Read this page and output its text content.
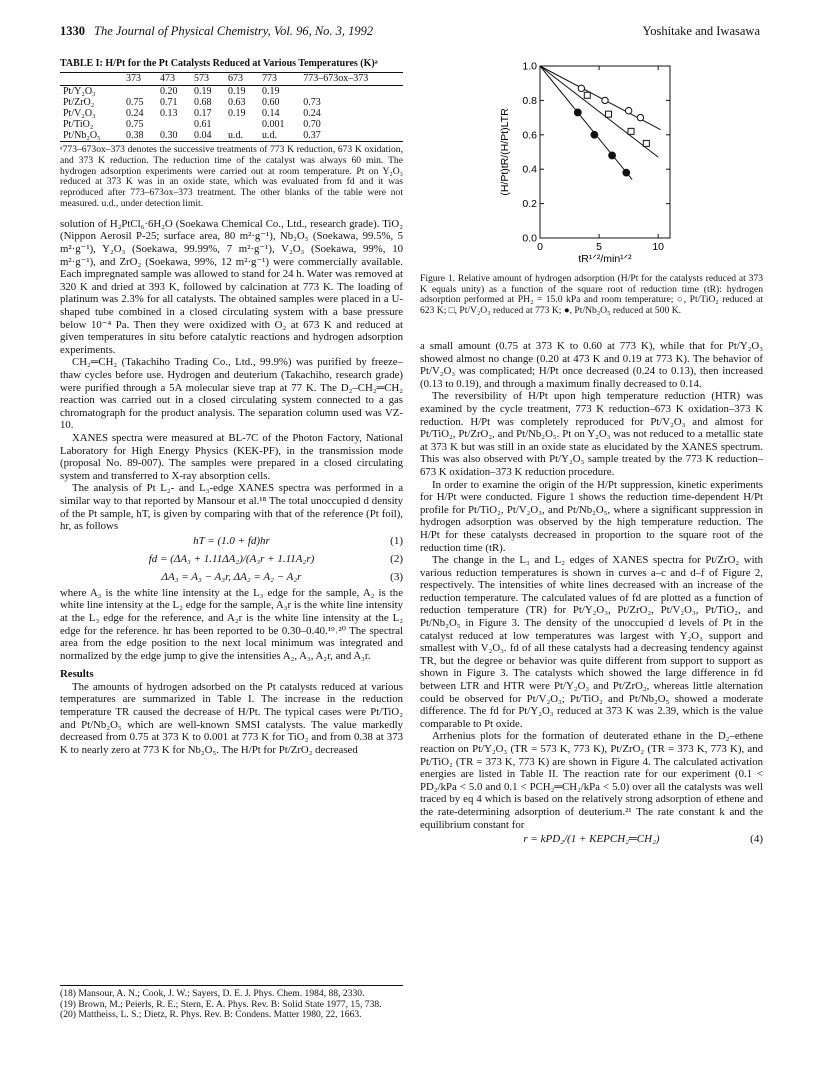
1330 The Journal of Physical Chemistry, Vol. 96, No. 3, 1992	Yoshitake and Iwasawa
TABLE I: H/Pt for the Pt Catalysts Reduced at Various Temperatures (K)ᵃ
	373	473	573	673	773	773–673ox–373
Pt/Y₂O₃		0.20	0.19	0.19	0.19	
Pt/ZrO₂	0.75	0.71	0.68	0.63	0.60	0.73
Pt/V₂O₃	0.24	0.13	0.17	0.19	0.14	0.24
Pt/TiO₂	0.75		0.61		0.001	0.70
Pt/Nb₂O₅	0.38	0.30	0.04	u.d.	u.d.	0.37
ᵃ773–673ox–373 denotes the successive treatments of 773 K reduction, 673 K oxidation, and 373 K reduction. The reduction time of the catalyst was always 60 min. The hydrogen adsorption experiments were carried out at room temperature. Pt on Y₂O₃ reduced at 373 K was in an oxide state, which was evaluated from fd and it was reproduced after 773–673ox–373 treatment. The other blanks of the table were not measured. u.d., under detection limit.

solution of H₂PtCl₆·6H₂O (Soekawa Chemical Co., Ltd., research grade). TiO₂ (Nippon Aerosil P-25; surface area, 80 m²·g⁻¹), Nb₂O₅ (Soekawa, 99.5%, 5 m²·g⁻¹), Y₂O₃ (Soekawa, 99.99%, 7 m²·g⁻¹), V₂O₃ (Soekawa, 99%, 10 m²·g⁻¹), and ZrO₂ (Soekawa, 99%, 12 m²·g⁻¹) were commercially available. Each impregnated sample was allowed to stand for 24 h. Water was removed at 320 K and dried at 393 K, followed by calcination at 773 K. The loading of platinum was 2.3% for all catalysts. The obtained samples were placed in a U-shaped tube combined in a closed circulating system with a base pressure below 10⁻⁴ Pa. Then they were oxidized with O₂ at 673 K and reduced at given temperatures in situ before catalytic reactions and hydrogen adsorption experiments.

CH₂═CH₂ (Takachiho Trading Co., Ltd., 99.9%) was purified by freeze–thaw cycles before use. Hydrogen and deuterium (Takachiho, research grade) were purified through a 5A molecular sieve trap at 77 K. The D₂–CH₂═CH₂ reaction was carried out in a closed circulating system connected to a gas chromatograph for the product analysis. The separation column used was VZ-10.

XANES spectra were measured at BL-7C of the Photon Factory, National Laboratory for High Energy Physics (KEK-PF), in the transmission mode (proposal No. 89-007). The samples were prepared in a closed circulating system and transferred to X-ray absorption cells.

The analysis of Pt L₂- and L₃-edge XANES spectra was performed in a similar way to that reported by Mansour et al.¹⁸ The total unoccupied d density of the Pt sample, hT, is given by comparing with that of the reference (Pt foil), hr, as follows

hT = (1.0 + fd)hr	(1)
fd = (ΔA₃ + 1.11ΔA₂)/(A₃r + 1.11A₂r)	(2)
ΔA₃ = A₃ − A₃r, ΔA₂ = A₂ − A₂r	(3)

where A₃ is the white line intensity at the L₃ edge for the sample, A₂ is the white line intensity at the L₂ edge for the sample, A₃r is the white line intensity at the L₃ edge for the reference, and A₂r is the white line intensity at the L₂ edge for the reference. hr has been reported to be 0.30–0.40.¹⁹˒²⁰ The spectral area from the edge position to the next local minimum was integrated and normalized by the edge jump to give the intensities A₂, A₃, A₂r, and A₃r.

Results

The amounts of hydrogen adsorbed on the Pt catalysts reduced at various temperatures are summarized in Table I. The increase in the reduction temperature TR caused the decrease of H/Pt. The typical cases were Pt/TiO₂ and Pt/Nb₂O₅ which are well-known SMSI catalysts. The value markedly decreased from 0.75 at 373 K to 0.001 at 773 K for TiO₂ and from 0.38 at 373 K to nearly zero at 773 K for Nb₂O₅. The H/Pt for Pt/ZrO₂ decreased

(18) Mansour, A. N.; Cook, J. W.; Sayers, D. E. J. Phys. Chem. 1984, 88, 2330.
(19) Brown, M.; Peierls, R. E.; Stern, E. A. Phys. Rev. B: Solid State 1977, 15, 738.
(20) Mattheiss, L. S.; Dietz, R. Phys. Rev. B: Condens. Matter 1980, 22, 1663.
0.0
0.2
0.4
0.6
0.8
1.0
0	5	10
tR¹ᐟ²/min¹ᐟ²
(H/Pt)tR/(H/Pt)LTR
Figure 1. Relative amount of hydrogen adsorption (H/Pt for the catalysts reduced at 373 K equals unity) as a function of the square root of reduction time (tR): hydrogen adsorption performed at PH₂ = 15.0 kPa and room temperature; ○, Pt/TiO₂ reduced at 623 K; □, Pt/V₂O₃ reduced at 773 K; ●, Pt/Nb₂O₅ reduced at 500 K.

a small amount (0.75 at 373 K to 0.60 at 773 K), while that for Pt/Y₂O₃ showed almost no change (0.20 at 473 K and 0.19 at 773 K). The behavior of Pt/V₂O₃ was complicated; H/Pt once decreased (0.24 to 0.13), then increased (0.13 to 0.19), and through a maximum finally decreased to 0.14.

The reversibility of H/Pt upon high temperature reduction (HTR) was examined by the cycle treatment, 773 K reduction–673 K oxidation–373 K reduction. H/Pt was completely reproduced for Pt/V₂O₃ and almost for Pt/TiO₂, Pt/ZrO₂, and Pt/Nb₂O₅. Pt on Y₂O₃ was not reduced to a metallic state at 373 K but was still in an oxide state as elucidated by the XANES spectrum. This was also observed with Pt/Y₂O₃ sample treated by the 773 K reduction–673 K oxidation–373 K reduction procedure.

In order to examine the origin of the H/Pt suppression, kinetic experiments for H/Pt were conducted. Figure 1 shows the reduction time-dependent H/Pt profile for Pt/TiO₂, Pt/V₂O₃, and Pt/Nb₂O₅, where a significant suppression in hydrogen adsorption was observed by the high temperature reduction. The H/Pt for these catalysts decreased in proportion to the square root of the reduction time (tR).

The change in the L₃ and L₂ edges of XANES spectra for Pt/ZrO₂ with various reduction temperatures is shown in curves a–c and d–f of Figure 2, respectively. The intensities of white lines decreased with an increase of the reduction temperature. The calculated values of fd are plotted as a function of reduction temperature (TR) for Pt/Y₂O₃, Pt/ZrO₂, Pt/V₂O₃, Pt/TiO₂, and Pt/Nb₂O₅ in Figure 3. The density of the unoccupied d levels of Pt in the catalyst reduced at low temperatures was largest with Y₂O₃ support and smallest with V₂O₃. fd of all these catalysts had a decreasing tendency against TR, but the degree or behavior was quite different from support to support as shown in Figure 3. The catalysts which showed the large difference in fd between LTR and HTR were Pt/Y₂O₃ and Pt/ZrO₂, whereas little alternation could be observed for Pt/V₂O₃; Pt/TiO₂ and Pt/Nb₂O₅ showed a moderate difference. The fd for Pt/Y₂O₃ reduced at 373 K was 2.39, which is the value comparable to Pt oxide.

Arrhenius plots for the formation of deuterated ethane in the D₂–ethene reaction on Pt/Y₂O₃ (TR = 573 K, 773 K), Pt/ZrO₂ (TR = 373 K, 773 K), and Pt/TiO₂ (TR = 373 K, 773 K) are shown in Figure 4. The calculated activation energies are listed in Table II. The reaction rate for our experiment (0.1 < PD₂/kPa < 5.0 and 0.1 < PCH₂═CH₂/kPa < 5.0) over all the catalysts was well traced by eq 4 which is based on the relatively strong adsorption of ethene and the rate-determining adsorption of deuterium.²¹ The rate constant k and the equilibrium constant for

r = kPD₂/(1 + KEPCH₂═CH₂)	(4)
